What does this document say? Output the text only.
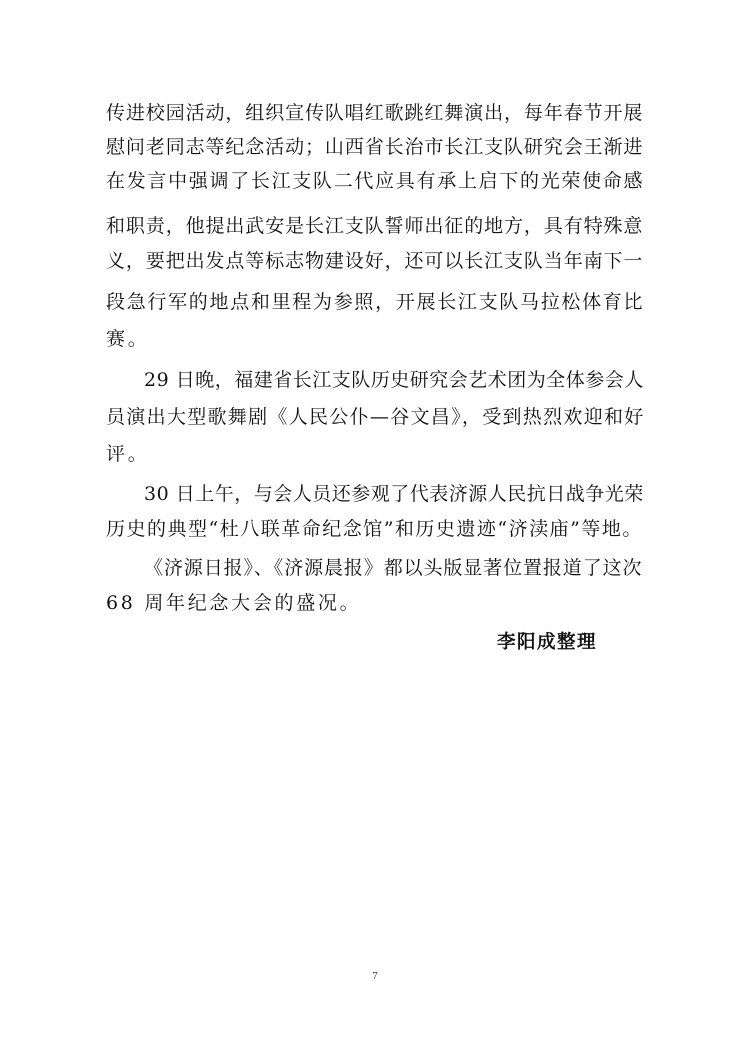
传进校园活动，组织宣传队唱红歌跳红舞演出，每年春节开展
慰问老同志等纪念活动；山西省长治市长江支队研究会王渐进
在发言中强调了长江支队二代应具有承上启下的光荣使命感
和职责，他提出武安是长江支队誓师出征的地方，具有特殊意
义，要把出发点等标志物建设好，还可以长江支队当年南下一
段急行军的地点和里程为参照，开展长江支队马拉松体育比
赛。
29 日晚，福建省长江支队历史研究会艺术团为全体参会人
员演出大型歌舞剧《人民公仆—谷文昌》，受到热烈欢迎和好
评。
30 日上午，与会人员还参观了代表济源人民抗日战争光荣
历史的典型“杜八联革命纪念馆”和历史遗迹“济渎庙”等地。
《济源日报》、《济源晨报》都以头版显著位置报道了这次
68 周年纪念大会的盛况。
李阳成整理
7
